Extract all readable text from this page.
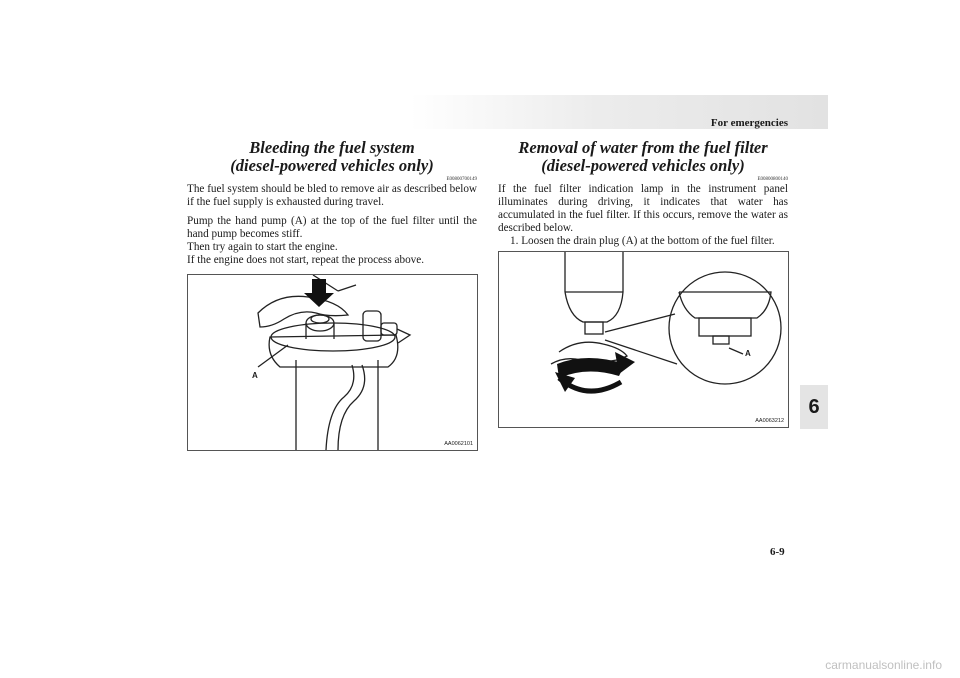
For emergencies

Bleeding the fuel system

(diesel-powered vehicles only)

E00800700149

The fuel system should be bled to remove air as described below if the fuel supply is exhausted during travel.

Pump the hand pump (A) at the top of the fuel filter until the hand pump becomes stiff.

Then try again to start the engine.

If the engine does not start, repeat the process above.

A
AA0062101

Removal of water from the fuel filter

(diesel-powered vehicles only)

E00800800140

If the fuel filter indication lamp in the instrument panel illuminates during driving, it indicates that water has accumulated in the fuel filter. If this occurs, remove the water as described below.

1. Loosen the drain plug (A) at the bottom of the fuel filter.

A
AA0063212
6
6-9
carmanualsonline.info
